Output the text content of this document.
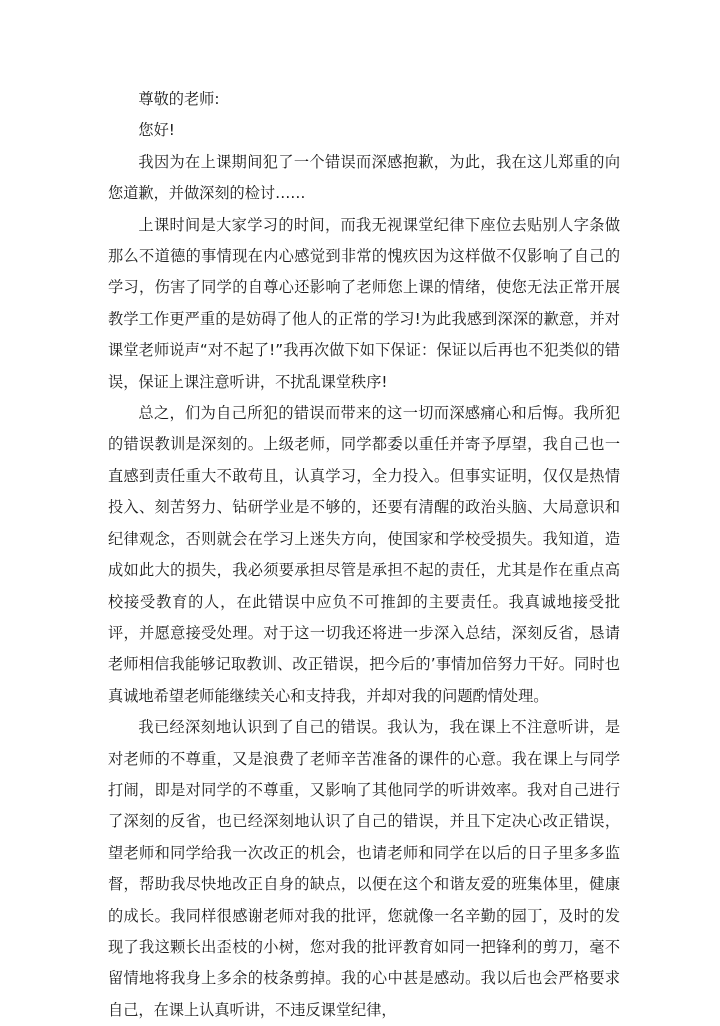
尊敬的老师:

您好!

我因为在上课期间犯了一个错误而深感抱歉，为此，我在这儿郑重的向您道歉，并做深刻的检讨……

上课时间是大家学习的时间，而我无视课堂纪律下座位去贴别人字条做那么不道德的事情现在内心感觉到非常的愧疚因为这样做不仅影响了自己的学习，伤害了同学的自尊心还影响了老师您上课的情绪，使您无法正常开展教学工作更严重的是妨碍了他人的正常的学习!为此我感到深深的歉意，并对课堂老师说声“对不起了!”我再次做下如下保证：保证以后再也不犯类似的错误，保证上课注意听讲，不扰乱课堂秩序!

总之，们为自己所犯的错误而带来的这一切而深感痛心和后悔。我所犯的错误教训是深刻的。上级老师，同学都委以重任并寄予厚望，我自己也一直感到责任重大不敢苟且，认真学习，全力投入。但事实证明，仅仅是热情投入、刻苦努力、钻研学业是不够的，还要有清醒的政治头脑、大局意识和纪律观念，否则就会在学习上迷失方向，使国家和学校受损失。我知道，造成如此大的损失，我必须要承担尽管是承担不起的责任，尤其是作在重点高校接受教育的人，在此错误中应负不可推卸的主要责任。我真诚地接受批评，并愿意接受处理。对于这一切我还将进一步深入总结，深刻反省，恳请老师相信我能够记取教训、改正错误，把今后的’事情加倍努力干好。同时也真诚地希望老师能继续关心和支持我，并却对我的问题酌情处理。

我已经深刻地认识到了自己的错误。我认为，我在课上不注意听讲，是对老师的不尊重，又是浪费了老师辛苦准备的课件的心意。我在课上与同学打闹，即是对同学的不尊重，又影响了其他同学的听讲效率。我对自己进行了深刻的反省，也已经深刻地认识了自己的错误，并且下定决心改正错误，望老师和同学给我一次改正的机会，也请老师和同学在以后的日子里多多监督，帮助我尽快地改正自身的缺点，以便在这个和谐友爱的班集体里，健康的成长。我同样很感谢老师对我的批评，您就像一名辛勤的园丁，及时的发现了我这颗长出歪枝的小树，您对我的批评教育如同一把锋利的剪刀，毫不留情地将我身上多余的枝条剪掉。我的心中甚是感动。我以后也会严格要求自己，在课上认真听讲，不违反课堂纪律，
